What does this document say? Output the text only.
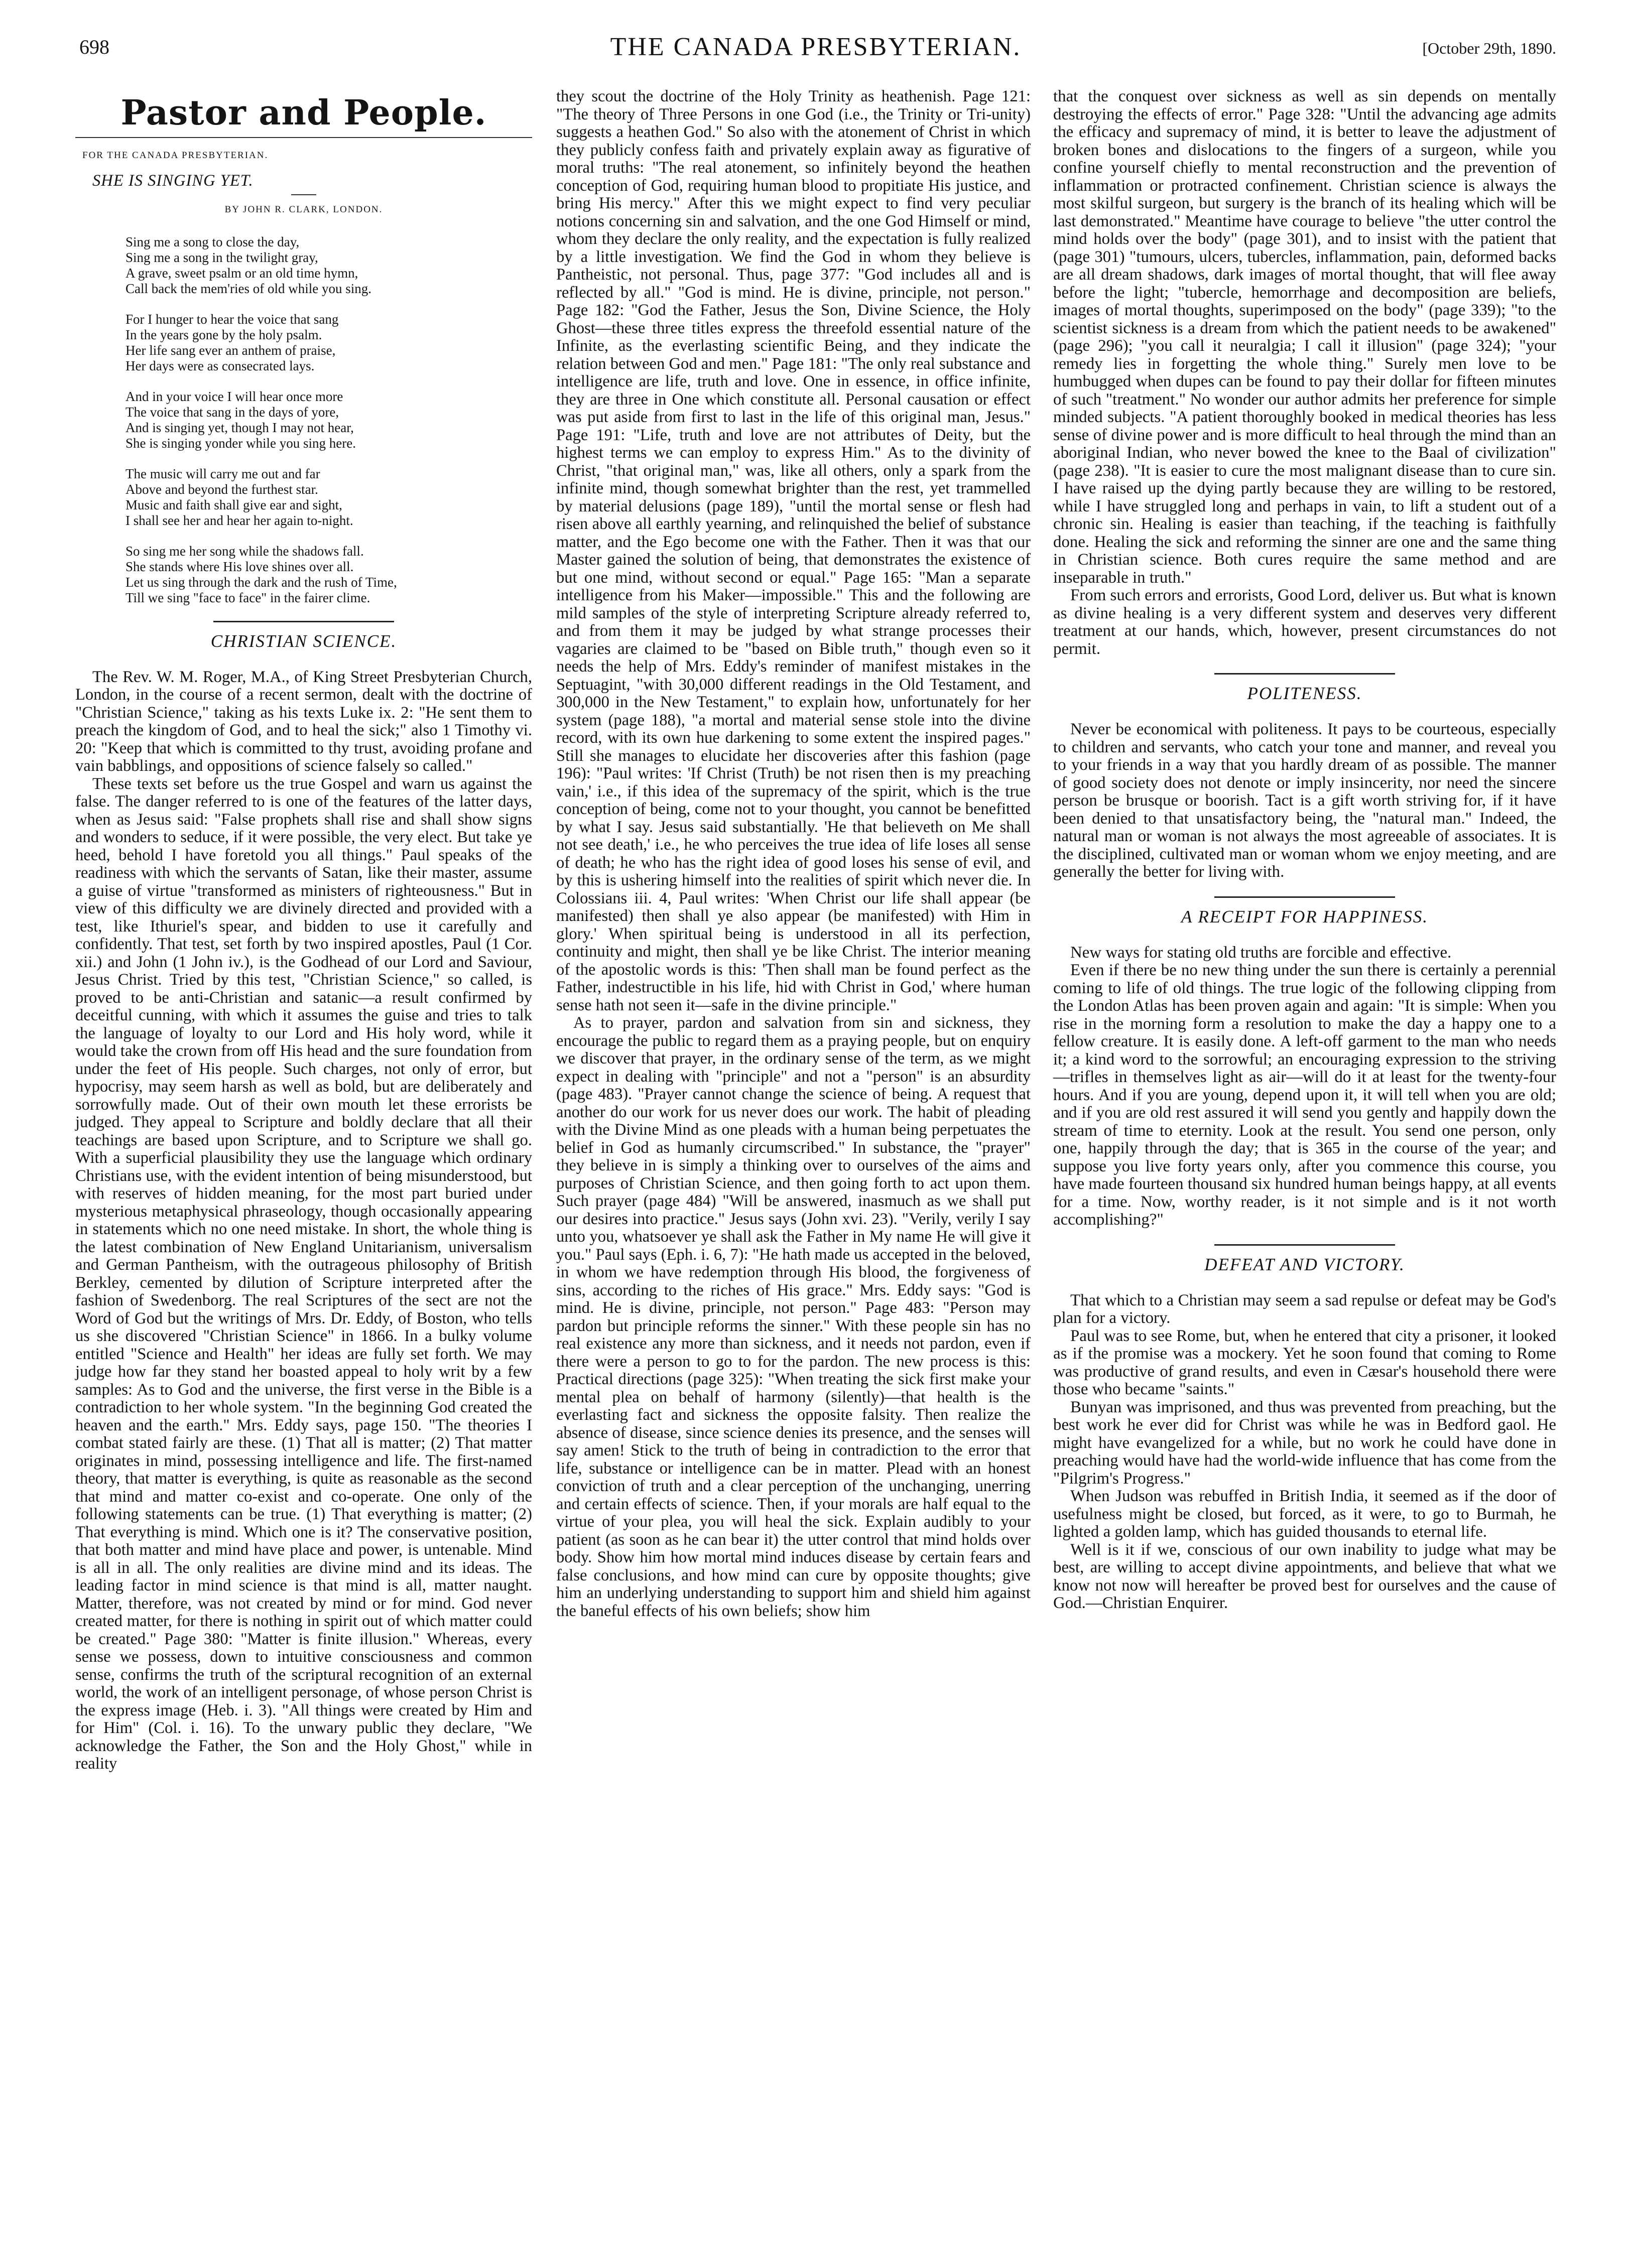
698	THE CANADA PRESBYTERIAN.	[October 29th, 1890.
Pastor and People.
FOR THE CANADA PRESBYTERIAN.

SHE IS SINGING YET.

BY JOHN R. CLARK, LONDON.
Sing me a song to close the day,
Sing me a song in the twilight gray,
A grave, sweet psalm or an old time hymn,
Call back the mem'ries of old while you sing.
For I hunger to hear the voice that sang
In the years gone by the holy psalm.
Her life sang ever an anthem of praise,
Her days were as consecrated lays.
And in your voice I will hear once more
The voice that sang in the days of yore,
And is singing yet, though I may not hear,
She is singing yonder while you sing here.
The music will carry me out and far
Above and beyond the furthest star.
Music and faith shall give ear and sight,
I shall see her and hear her again to-night.
So sing me her song while the shadows fall.
She stands where His love shines over all.
Let us sing through the dark and the rush of Time,
Till we sing "face to face" in the fairer clime.
CHRISTIAN SCIENCE.

The Rev. W. M. Roger, M.A., of King Street Presbyterian Church, London, in the course of a recent sermon, dealt with the doctrine of "Christian Science," taking as his texts Luke ix. 2: "He sent them to preach the kingdom of God, and to heal the sick;" also 1 Timothy vi. 20: "Keep that which is committed to thy trust, avoiding profane and vain babblings, and oppositions of science falsely so called."

These texts set before us the true Gospel and warn us against the false. The danger referred to is one of the features of the latter days, when as Jesus said: "False prophets shall rise and shall show signs and wonders to seduce, if it were possible, the very elect. But take ye heed, behold I have foretold you all things." Paul speaks of the readiness with which the servants of Satan, like their master, assume a guise of virtue "transformed as ministers of righteousness." But in view of this difficulty we are divinely directed and provided with a test, like Ithuriel's spear, and bidden to use it carefully and confidently. That test, set forth by two inspired apostles, Paul (1 Cor. xii.) and John (1 John iv.), is the Godhead of our Lord and Saviour, Jesus Christ. Tried by this test, "Christian Science," so called, is proved to be anti-Christian and satanic—a result confirmed by deceitful cunning, with which it assumes the guise and tries to talk the language of loyalty to our Lord and His holy word, while it would take the crown from off His head and the sure foundation from under the feet of His people. Such charges, not only of error, but hypocrisy, may seem harsh as well as bold, but are deliberately and sorrowfully made. Out of their own mouth let these errorists be judged. They appeal to Scripture and boldly declare that all their teachings are based upon Scripture, and to Scripture we shall go. With a superficial plausibility they use the language which ordinary Christians use, with the evident intention of being misunderstood, but with reserves of hidden meaning, for the most part buried under mysterious metaphysical phraseology, though occasionally appearing in statements which no one need mistake. In short, the whole thing is the latest combination of New England Unitarianism, universalism and German Pantheism, with the outrageous philosophy of British Berkley, cemented by dilution of Scripture interpreted after the fashion of Swedenborg. The real Scriptures of the sect are not the Word of God but the writings of Mrs. Dr. Eddy, of Boston, who tells us she discovered "Christian Science" in 1866. In a bulky volume entitled "Science and Health" her ideas are fully set forth. We may judge how far they stand her boasted appeal to holy writ by a few samples: As to God and the universe, the first verse in the Bible is a contradiction to her whole system. "In the beginning God created the heaven and the earth." Mrs. Eddy says, page 150. "The theories I combat stated fairly are these. (1) That all is matter; (2) That matter originates in mind, possessing intelligence and life. The first-named theory, that matter is everything, is quite as reasonable as the second that mind and matter co-exist and co-operate. One only of the following statements can be true. (1) That everything is matter; (2) That everything is mind. Which one is it? The conservative position, that both matter and mind have place and power, is untenable. Mind is all in all. The only realities are divine mind and its ideas. The leading factor in mind science is that mind is all, matter naught. Matter, therefore, was not created by mind or for mind. God never created matter, for there is nothing in spirit out of which matter could be created." Page 380: "Matter is finite illusion." Whereas, every sense we possess, down to intuitive consciousness and common sense, confirms the truth of the scriptural recognition of an external world, the work of an intelligent personage, of whose person Christ is the express image (Heb. i. 3). "All things were created by Him and for Him" (Col. i. 16). To the unwary public they declare, "We acknowledge the Father, the Son and the Holy Ghost," while in reality

they scout the doctrine of the Holy Trinity as heathenish. Page 121: "The theory of Three Persons in one God (i.e., the Trinity or Tri-unity) suggests a heathen God." So also with the atonement of Christ in which they publicly confess faith and privately explain away as figurative of moral truths: "The real atonement, so infinitely beyond the heathen conception of God, requiring human blood to propitiate His justice, and bring His mercy." After this we might expect to find very peculiar notions concerning sin and salvation, and the one God Himself or mind, whom they declare the only reality, and the expectation is fully realized by a little investigation. We find the God in whom they believe is Pantheistic, not personal. Thus, page 377: "God includes all and is reflected by all." "God is mind. He is divine, principle, not person." Page 182: "God the Father, Jesus the Son, Divine Science, the Holy Ghost—these three titles express the threefold essential nature of the Infinite, as the everlasting scientific Being, and they indicate the relation between God and men." Page 181: "The only real substance and intelligence are life, truth and love. One in essence, in office infinite, they are three in One which constitute all. Personal causation or effect was put aside from first to last in the life of this original man, Jesus." Page 191: "Life, truth and love are not attributes of Deity, but the highest terms we can employ to express Him." As to the divinity of Christ, "that original man," was, like all others, only a spark from the infinite mind, though somewhat brighter than the rest, yet trammelled by material delusions (page 189), "until the mortal sense or flesh had risen above all earthly yearning, and relinquished the belief of substance matter, and the Ego become one with the Father. Then it was that our Master gained the solution of being, that demonstrates the existence of but one mind, without second or equal." Page 165: "Man a separate intelligence from his Maker—impossible." This and the following are mild samples of the style of interpreting Scripture already referred to, and from them it may be judged by what strange processes their vagaries are claimed to be "based on Bible truth," though even so it needs the help of Mrs. Eddy's reminder of manifest mistakes in the Septuagint, "with 30,000 different readings in the Old Testament, and 300,000 in the New Testament," to explain how, unfortunately for her system (page 188), "a mortal and material sense stole into the divine record, with its own hue darkening to some extent the inspired pages." Still she manages to elucidate her discoveries after this fashion (page 196): "Paul writes: 'If Christ (Truth) be not risen then is my preaching vain,' i.e., if this idea of the supremacy of the spirit, which is the true conception of being, come not to your thought, you cannot be benefitted by what I say. Jesus said substantially. 'He that believeth on Me shall not see death,' i.e., he who perceives the true idea of life loses all sense of death; he who has the right idea of good loses his sense of evil, and by this is ushering himself into the realities of spirit which never die. In Colossians iii. 4, Paul writes: 'When Christ our life shall appear (be manifested) then shall ye also appear (be manifested) with Him in glory.' When spiritual being is understood in all its perfection, continuity and might, then shall ye be like Christ. The interior meaning of the apostolic words is this: 'Then shall man be found perfect as the Father, indestructible in his life, hid with Christ in God,' where human sense hath not seen it—safe in the divine principle."

As to prayer, pardon and salvation from sin and sickness, they encourage the public to regard them as a praying people, but on enquiry we discover that prayer, in the ordinary sense of the term, as we might expect in dealing with "principle" and not a "person" is an absurdity (page 483). "Prayer cannot change the science of being. A request that another do our work for us never does our work. The habit of pleading with the Divine Mind as one pleads with a human being perpetuates the belief in God as humanly circumscribed." In substance, the "prayer" they believe in is simply a thinking over to ourselves of the aims and purposes of Christian Science, and then going forth to act upon them. Such prayer (page 484) "Will be answered, inasmuch as we shall put our desires into practice." Jesus says (John xvi. 23). "Verily, verily I say unto you, whatsoever ye shall ask the Father in My name He will give it you." Paul says (Eph. i. 6, 7): "He hath made us accepted in the beloved, in whom we have redemption through His blood, the forgiveness of sins, according to the riches of His grace." Mrs. Eddy says: "God is mind. He is divine, principle, not person." Page 483: "Person may pardon but principle reforms the sinner." With these people sin has no real existence any more than sickness, and it needs not pardon, even if there were a person to go to for the pardon. The new process is this: Practical directions (page 325): "When treating the sick first make your mental plea on behalf of harmony (silently)—that health is the everlasting fact and sickness the opposite falsity. Then realize the absence of disease, since science denies its presence, and the senses will say amen! Stick to the truth of being in contradiction to the error that life, substance or intelligence can be in matter. Plead with an honest conviction of truth and a clear perception of the unchanging, unerring and certain effects of science. Then, if your morals are half equal to the virtue of your plea, you will heal the sick. Explain audibly to your patient (as soon as he can bear it) the utter control that mind holds over body. Show him how mortal mind induces disease by certain fears and false conclusions, and how mind can cure by opposite thoughts; give him an underlying understanding to support him and shield him against the baneful effects of his own beliefs; show him

that the conquest over sickness as well as sin depends on mentally destroying the effects of error." Page 328: "Until the advancing age admits the efficacy and supremacy of mind, it is better to leave the adjustment of broken bones and dislocations to the fingers of a surgeon, while you confine yourself chiefly to mental reconstruction and the prevention of inflammation or protracted confinement. Christian science is always the most skilful surgeon, but surgery is the branch of its healing which will be last demonstrated." Meantime have courage to believe "the utter control the mind holds over the body" (page 301), and to insist with the patient that (page 301) "tumours, ulcers, tubercles, inflammation, pain, deformed backs are all dream shadows, dark images of mortal thought, that will flee away before the light; "tubercle, hemorrhage and decomposition are beliefs, images of mortal thoughts, superimposed on the body" (page 339); "to the scientist sickness is a dream from which the patient needs to be awakened" (page 296); "you call it neuralgia; I call it illusion" (page 324); "your remedy lies in forgetting the whole thing." Surely men love to be humbugged when dupes can be found to pay their dollar for fifteen minutes of such "treatment." No wonder our author admits her preference for simple minded subjects. "A patient thoroughly booked in medical theories has less sense of divine power and is more difficult to heal through the mind than an aboriginal Indian, who never bowed the knee to the Baal of civilization" (page 238). "It is easier to cure the most malignant disease than to cure sin. I have raised up the dying partly because they are willing to be restored, while I have struggled long and perhaps in vain, to lift a student out of a chronic sin. Healing is easier than teaching, if the teaching is faithfully done. Healing the sick and reforming the sinner are one and the same thing in Christian science. Both cures require the same method and are inseparable in truth."

From such errors and errorists, Good Lord, deliver us. But what is known as divine healing is a very different system and deserves very different treatment at our hands, which, however, present circumstances do not permit.

POLITENESS.

Never be economical with politeness. It pays to be courteous, especially to children and servants, who catch your tone and manner, and reveal you to your friends in a way that you hardly dream of as possible. The manner of good society does not denote or imply insincerity, nor need the sincere person be brusque or boorish. Tact is a gift worth striving for, if it have been denied to that unsatisfactory being, the "natural man." Indeed, the natural man or woman is not always the most agreeable of associates. It is the disciplined, cultivated man or woman whom we enjoy meeting, and are generally the better for living with.

A RECEIPT FOR HAPPINESS.

New ways for stating old truths are forcible and effective.

Even if there be no new thing under the sun there is certainly a perennial coming to life of old things. The true logic of the following clipping from the London Atlas has been proven again and again: "It is simple: When you rise in the morning form a resolution to make the day a happy one to a fellow creature. It is easily done. A left-off garment to the man who needs it; a kind word to the sorrowful; an encouraging expression to the striving—trifles in themselves light as air—will do it at least for the twenty-four hours. And if you are young, depend upon it, it will tell when you are old; and if you are old rest assured it will send you gently and happily down the stream of time to eternity. Look at the result. You send one person, only one, happily through the day; that is 365 in the course of the year; and suppose you live forty years only, after you commence this course, you have made fourteen thousand six hundred human beings happy, at all events for a time. Now, worthy reader, is it not simple and is it not worth accomplishing?"

DEFEAT AND VICTORY.

That which to a Christian may seem a sad repulse or defeat may be God's plan for a victory.

Paul was to see Rome, but, when he entered that city a prisoner, it looked as if the promise was a mockery. Yet he soon found that coming to Rome was productive of grand results, and even in Cæsar's household there were those who became "saints."

Bunyan was imprisoned, and thus was prevented from preaching, but the best work he ever did for Christ was while he was in Bedford gaol. He might have evangelized for a while, but no work he could have done in preaching would have had the world-wide influence that has come from the "Pilgrim's Progress."

When Judson was rebuffed in British India, it seemed as if the door of usefulness might be closed, but forced, as it were, to go to Burmah, he lighted a golden lamp, which has guided thousands to eternal life.

Well is it if we, conscious of our own inability to judge what may be best, are willing to accept divine appointments, and believe that what we know not now will hereafter be proved best for ourselves and the cause of God.—Christian Enquirer.
